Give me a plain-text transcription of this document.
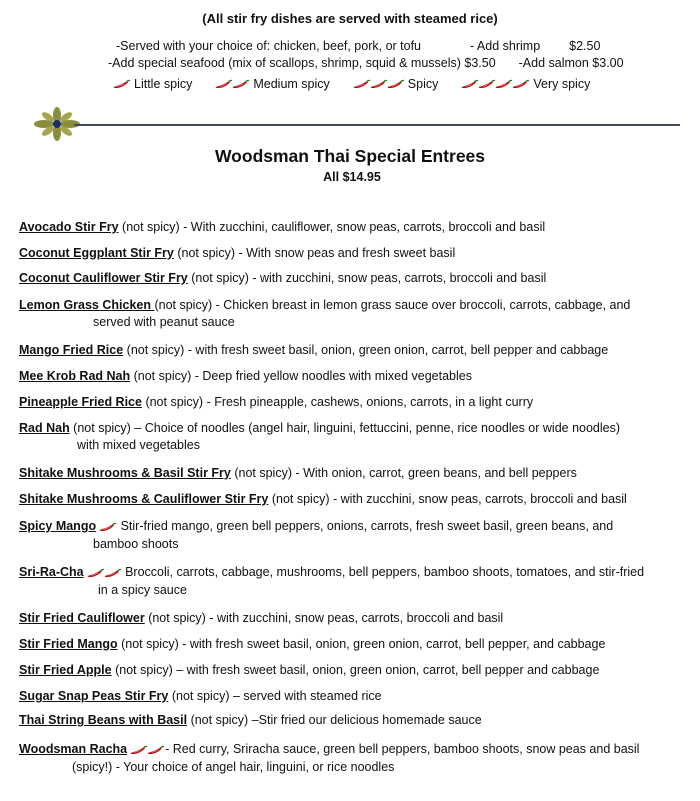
(All stir fry dishes are served with steamed rice)
-Served with your choice of: chicken, beef, pork, or tofu	- Add shrimp $2.50
-Add special seafood (mix of scallops, shrimp, squid & mussels) $3.50 -Add salmon $3.00
Little spicy	Medium spicy	Spicy	Very spicy
Woodsman Thai Special Entrees
All $14.95
Avocado Stir Fry (not spicy) - With zucchini, cauliflower, snow peas, carrots, broccoli and basil
Coconut Eggplant Stir Fry (not spicy) - With snow peas and fresh sweet basil
Coconut Cauliflower Stir Fry (not spicy) - with zucchini, snow peas, carrots, broccoli and basil
Lemon Grass Chicken (not spicy) - Chicken breast in lemon grass sauce over broccoli, carrots, cabbage, and
served with peanut sauce
Mango Fried Rice (not spicy) - with fresh sweet basil, onion, green onion, carrot, bell pepper and cabbage
Mee Krob Rad Nah (not spicy) - Deep fried yellow noodles with mixed vegetables
Pineapple Fried Rice (not spicy) - Fresh pineapple, cashews, onions, carrots, in a light curry
Rad Nah (not spicy) – Choice of noodles (angel hair, linguini, fettuccini, penne, rice noodles or wide noodles)
with mixed vegetables
Shitake Mushrooms & Basil Stir Fry (not spicy) - With onion, carrot, green beans, and bell peppers
Shitake Mushrooms & Cauliflower Stir Fry (not spicy) - with zucchini, snow peas, carrots, broccoli and basil
Spicy Mango Stir-fried mango, green bell peppers, onions, carrots, fresh sweet basil, green beans, and
bamboo shoots
Sri-Ra-Cha	Broccoli, carrots, cabbage, mushrooms, bell peppers, bamboo shoots, tomatoes, and stir-fried
in a spicy sauce
Stir Fried Cauliflower (not spicy) - with zucchini, snow peas, carrots, broccoli and basil
Stir Fried Mango (not spicy) - with fresh sweet basil, onion, green onion, carrot, bell pepper, and cabbage
Stir Fried Apple (not spicy) – with fresh sweet basil, onion, green onion, carrot, bell pepper and cabbage
Sugar Snap Peas Stir Fry (not spicy) – served with steamed rice
Thai String Beans with Basil (not spicy) –Stir fried our delicious homemade sauce
Woodsman Racha	- Red curry, Sriracha sauce, green bell peppers, bamboo shoots, snow peas and basil
(spicy!) - Your choice of angel hair, linguini, or rice noodles
